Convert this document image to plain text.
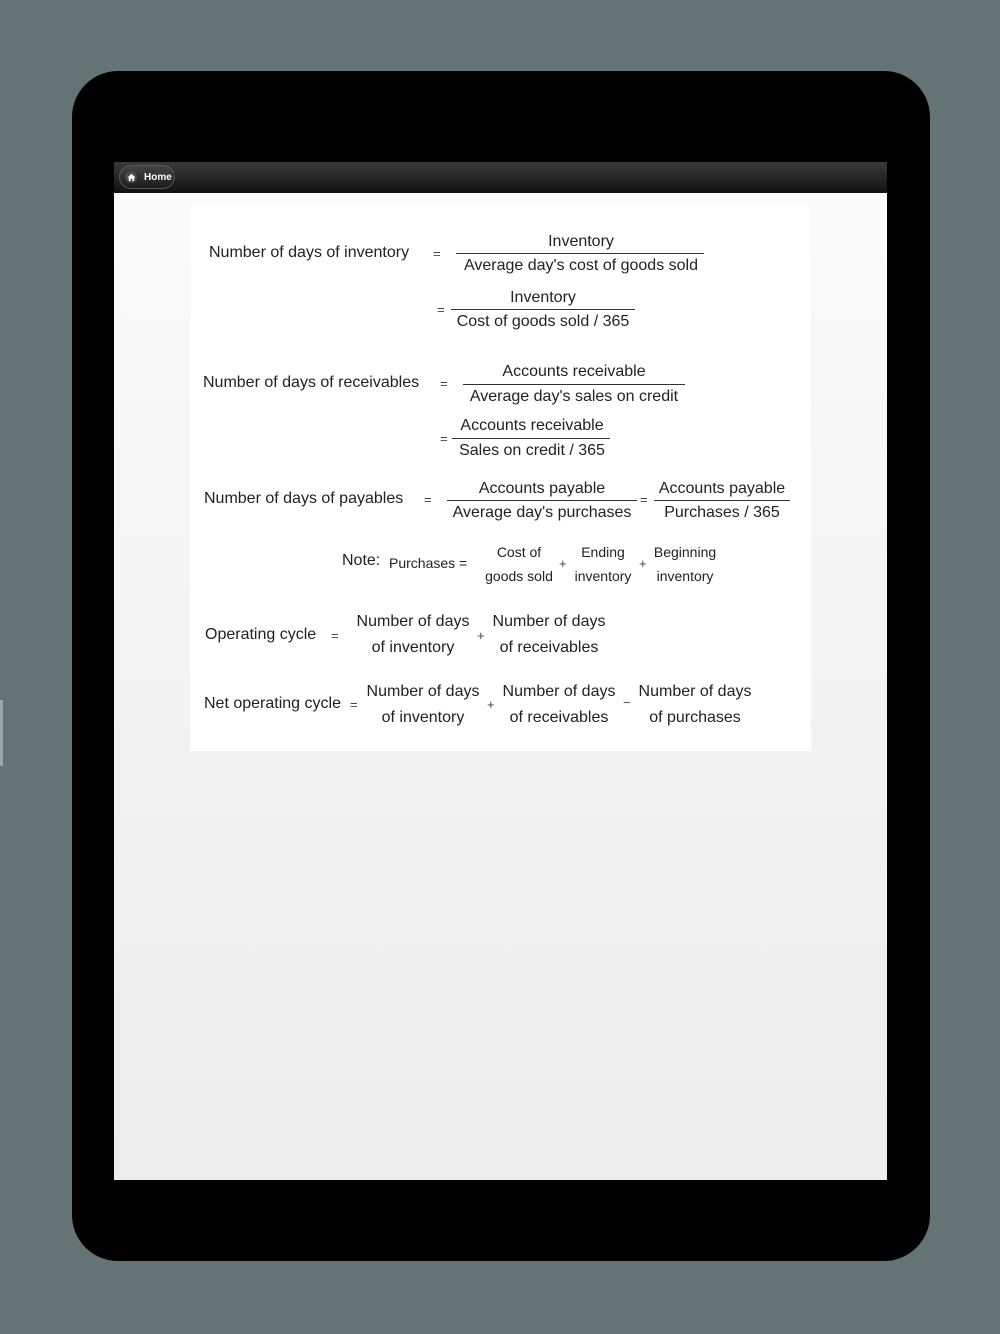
Home
Number of days of inventory =
Inventory
Average day's cost of goods sold
=
Inventory
Cost of goods sold / 365
Number of days of receivables =
Accounts receivable
Average day's sales on credit
=
Accounts receivable
Sales on credit / 365
Number of days of payables =
Accounts payable
Average day's purchases
=
Accounts payable
Purchases / 365
Note: Purchases =
Cost of
goods sold
+
Ending
inventory
+
Beginning
inventory
Operating cycle =
Number of days
of inventory
+
Number of days
of receivables
Net operating cycle =
Number of days
of inventory
+
Number of days
of receivables
−
Number of days
of purchases
